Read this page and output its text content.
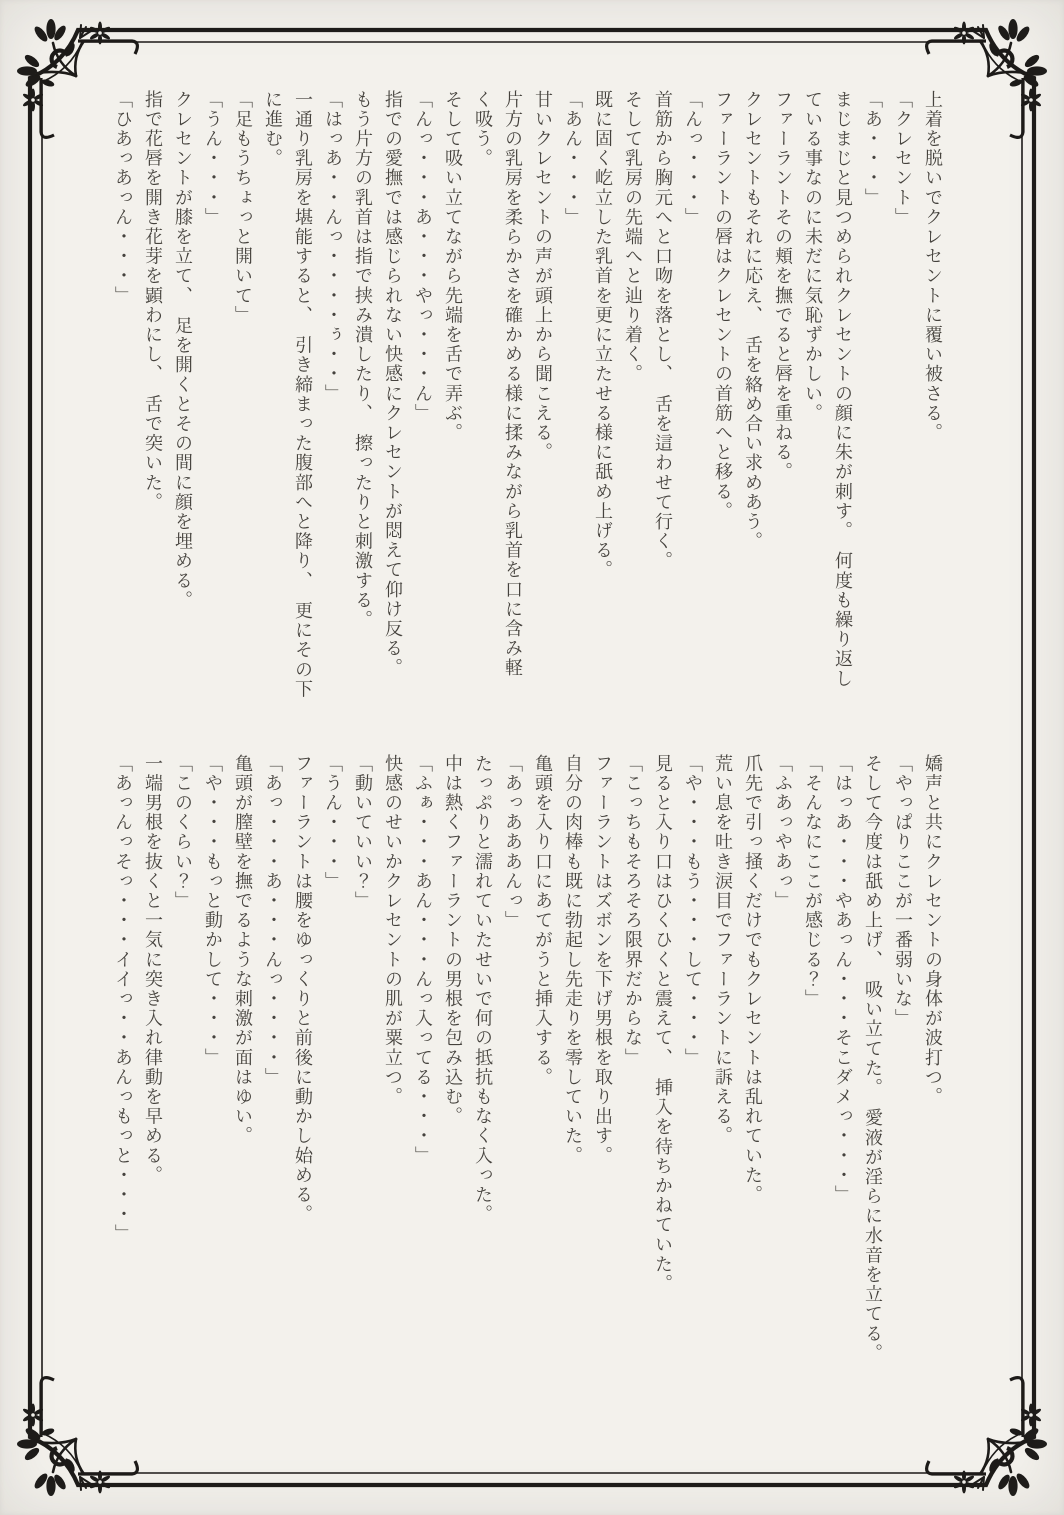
上着を脱いでクレセントに覆い被さる。

「クレセント」

「あ・・・」

まじまじと見つめられクレセントの顔に朱が刺す。　何度も繰り返し

ている事なのに未だに気恥ずかしい。

ファーラントその頬を撫でると唇を重ねる。

クレセントもそれに応え、　舌を絡め合い求めあう。

ファーラントの唇はクレセントの首筋へと移る。

「んっ・・・」

首筋から胸元へと口吻を落とし、　舌を這わせて行く。

そして乳房の先端へと辿り着く。

既に固く屹立した乳首を更に立たせる様に舐め上げる。

「あん・・・」

甘いクレセントの声が頭上から聞こえる。

片方の乳房を柔らかさを確かめる様に揉みながら乳首を口に含み軽

く吸う。

そして吸い立てながら先端を舌で弄ぶ。

「んっ・・・あ・・・やっ・・・ん」

指での愛撫では感じられない快感にクレセントが悶えて仰け反る。

もう片方の乳首は指で挟み潰したり、　擦ったりと刺激する。

「はっあ・・んっ・・・・ぅ・・」

一通り乳房を堪能すると、　引き締まった腹部へと降り、　更にその下

に進む。

「足もうちょっと開いて」

「うん・・・」

クレセントが膝を立て、　足を開くとその間に顔を埋める。

指で花唇を開き花芽を顕わにし、　舌で突いた。

「ひあっあっん・・・」

嬌声と共にクレセントの身体が波打つ。

「やっぱりここが一番弱いな」

そして今度は舐め上げ、　吸い立てた。　愛液が淫らに水音を立てる。

「はっあ・・・やあっん・・・そこダメっ・・・」

「そんなにここが感じる？」

「ふあっやあっ」

爪先で引っ掻くだけでもクレセントは乱れていた。

荒い息を吐き涙目でファーラントに訴える。

「や・・・もう・・・して・・・」

見ると入り口はひくひくと震えて、　挿入を待ちかねていた。

「こっちもそろそろ限界だからな」

ファーラントはズボンを下げ男根を取り出す。

自分の肉棒も既に勃起し先走りを零していた。

亀頭を入り口にあてがうと挿入する。

「あっあああんっ」

たっぷりと濡れていたせいで何の抵抗もなく入った。

中は熱くファーラントの男根を包み込む。

「ふぁ・・・あん・・・んっ入ってる・・・」

快感のせいかクレセントの肌が粟立つ。

「動いていい？」

「うん・・・」

ファーラントは腰をゆっくりと前後に動かし始める。

「あっ・・・あ・・・んっ・・・・」

亀頭が膣壁を撫でるような刺激が面はゆい。

「や・・・もっと動かして・・・」

「このくらい？」

一端男根を抜くと一気に突き入れ律動を早める。

「あっんっそっ・・・イイっ・・あんっもっと・・・」
